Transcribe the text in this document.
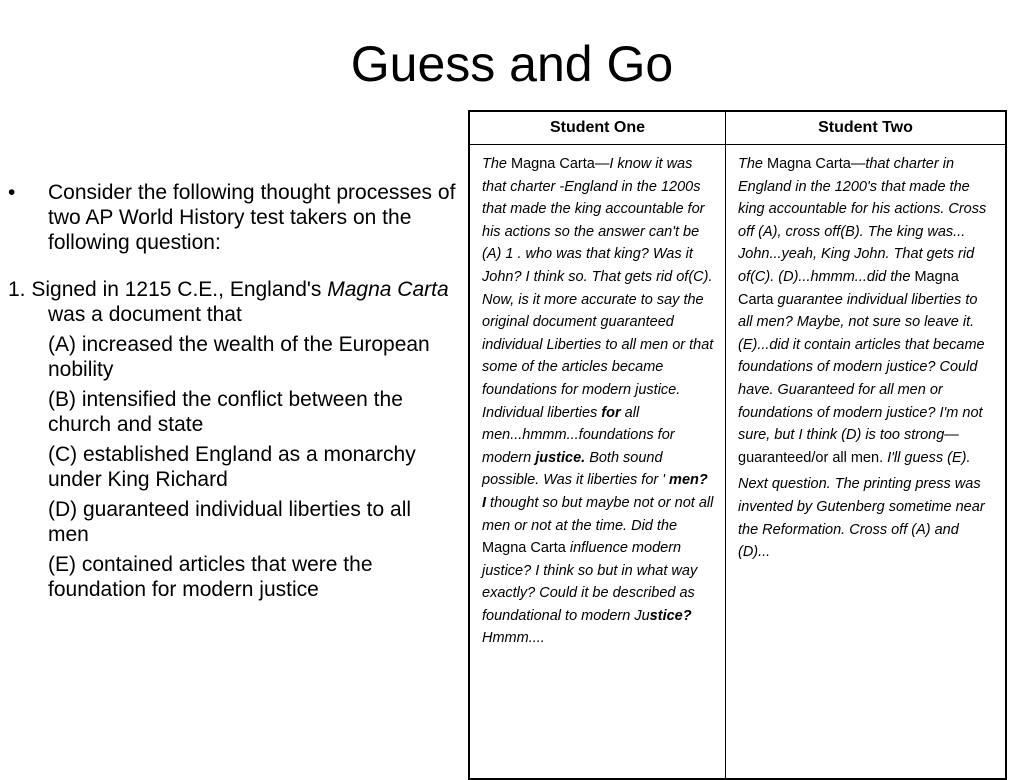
Guess and Go
• Consider the following thought processes of two AP World History test takers on the following question:
1. Signed in 1215 C.E., England's Magna Carta was a document that
(A) increased the wealth of the European nobility
(B) intensified the conflict between the church and state
(C) established England as a monarchy under King Richard
(D) guaranteed individual liberties to all men
(E) contained articles that were the foundation for modern justice
Student One	Student Two

The Magna Carta—I know it was that charter -England in the 1200s that made the king accountable for his actions so the answer can't be (A) 1 . who was that king? Was it John? I think so. That gets rid of(C). Now, is it more accurate to say the original document guaranteed individual Liberties to all men or that some of the articles became foundations for modern justice. Individual liberties for all men...hmmm...foundations for modern justice. Both sound possible. Was it liberties for ' men? I thought so but maybe not or not all men or not at the time. Did the Magna Carta influence modern justice? I think so but in what way exactly? Could it be described as foundational to modern Justice? Hmmm....

The Magna Carta—that charter in England in the 1200's that made the king accountable for his actions. Cross off (A), cross off(B). The king was... John...yeah, King John. That gets rid of(C). (D)...hmmm...did the Magna Carta guarantee individual liberties to all men? Maybe, not sure so leave it. (E)...did it contain articles that became foundations of modern justice? Could have. Guaranteed for all men or foundations of modern justice? I'm not sure, but I think (D) is too strong—guaranteed/or all men. I'll guess (E).

Next question. The printing press was invented by Gutenberg sometime near the Reformation. Cross off (A) and (D)...
